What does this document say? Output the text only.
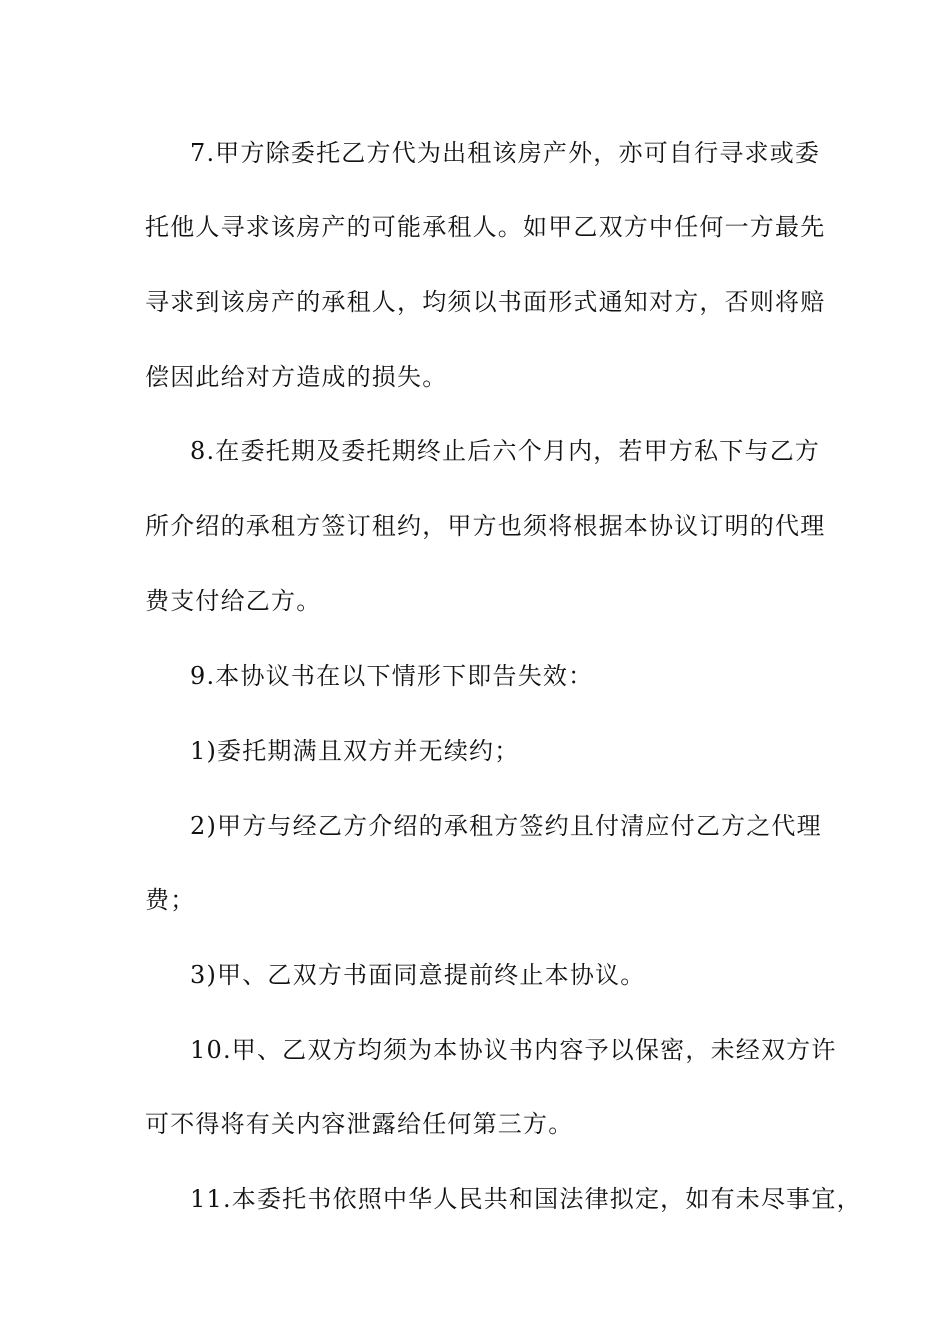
7.甲方除委托乙方代为出租该房产外，亦可自行寻求或委
托他人寻求该房产的可能承租人。如甲乙双方中任何一方最先
寻求到该房产的承租人，均须以书面形式通知对方，否则将赔
偿因此给对方造成的损失。
8.在委托期及委托期终止后六个月内，若甲方私下与乙方
所介绍的承租方签订租约，甲方也须将根据本协议订明的代理
费支付给乙方。
9.本协议书在以下情形下即告失效：
1)委托期满且双方并无续约；
2)甲方与经乙方介绍的承租方签约且付清应付乙方之代理
费；
3)甲、乙双方书面同意提前终止本协议。
10.甲、乙双方均须为本协议书内容予以保密，未经双方许
可不得将有关内容泄露给任何第三方。
11.本委托书依照中华人民共和国法律拟定，如有未尽事宜，
